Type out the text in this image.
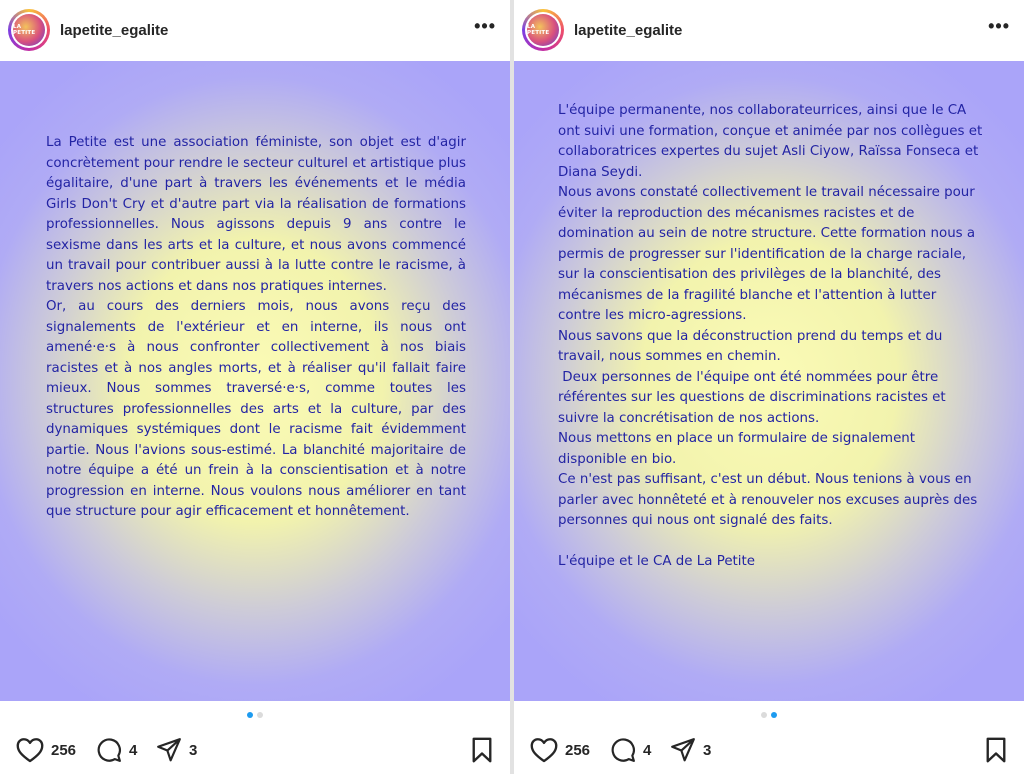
LA PETITE	lapetite_egalite	•••
La Petite est une association féministe, son objet est d'agir concrètement pour rendre le secteur culturel et artistique plus égalitaire, d'une part à travers les événements et le média Girls Don't Cry et d'autre part via la réalisation de formations professionnelles. Nous agissons depuis 9 ans contre le sexisme dans les arts et la culture, et nous avons commencé un travail pour contribuer aussi à la lutte contre le racisme, à travers nos actions et dans nos pratiques internes.
Or, au cours des derniers mois, nous avons reçu des signalements de l'extérieur et en interne, ils nous ont amené·e·s à nous confronter collectivement à nos biais racistes et à nos angles morts, et à réaliser qu'il fallait faire mieux. Nous sommes traversé·e·s, comme toutes les structures professionnelles des arts et la culture, par des dynamiques systémiques dont le racisme fait évidemment partie. Nous l'avions sous-estimé. La blanchité majoritaire de notre équipe a été un frein à la conscientisation et à notre progression en interne. Nous voulons nous améliorer en tant que structure pour agir efficacement et honnêtement.
256	4	3
LA PETITE	lapetite_egalite	•••
L'équipe permanente, nos collaborateurrices, ainsi que le CA ont suivi une formation, conçue et animée par nos collègues et collaboratrices expertes du sujet Asli Ciyow, Raïssa Fonseca et Diana Seydi.
Nous avons constaté collectivement le travail nécessaire pour éviter la reproduction des mécanismes racistes et de domination au sein de notre structure. Cette formation nous a permis de progresser sur l'identification de la charge raciale, sur la conscientisation des privilèges de la blanchité, des mécanismes de la fragilité blanche et l'attention à lutter contre les micro-agressions.
Nous savons que la déconstruction prend du temps et du travail, nous sommes en chemin.
Deux personnes de l'équipe ont été nommées pour être référentes sur les questions de discriminations racistes et suivre la concrétisation de nos actions.
Nous mettons en place un formulaire de signalement disponible en bio.
Ce n'est pas suffisant, c'est un début. Nous tenions à vous en parler avec honnêteté et à renouveler nos excuses auprès des personnes qui nous ont signalé des faits.

L'équipe et le CA de La Petite
256	4	3
